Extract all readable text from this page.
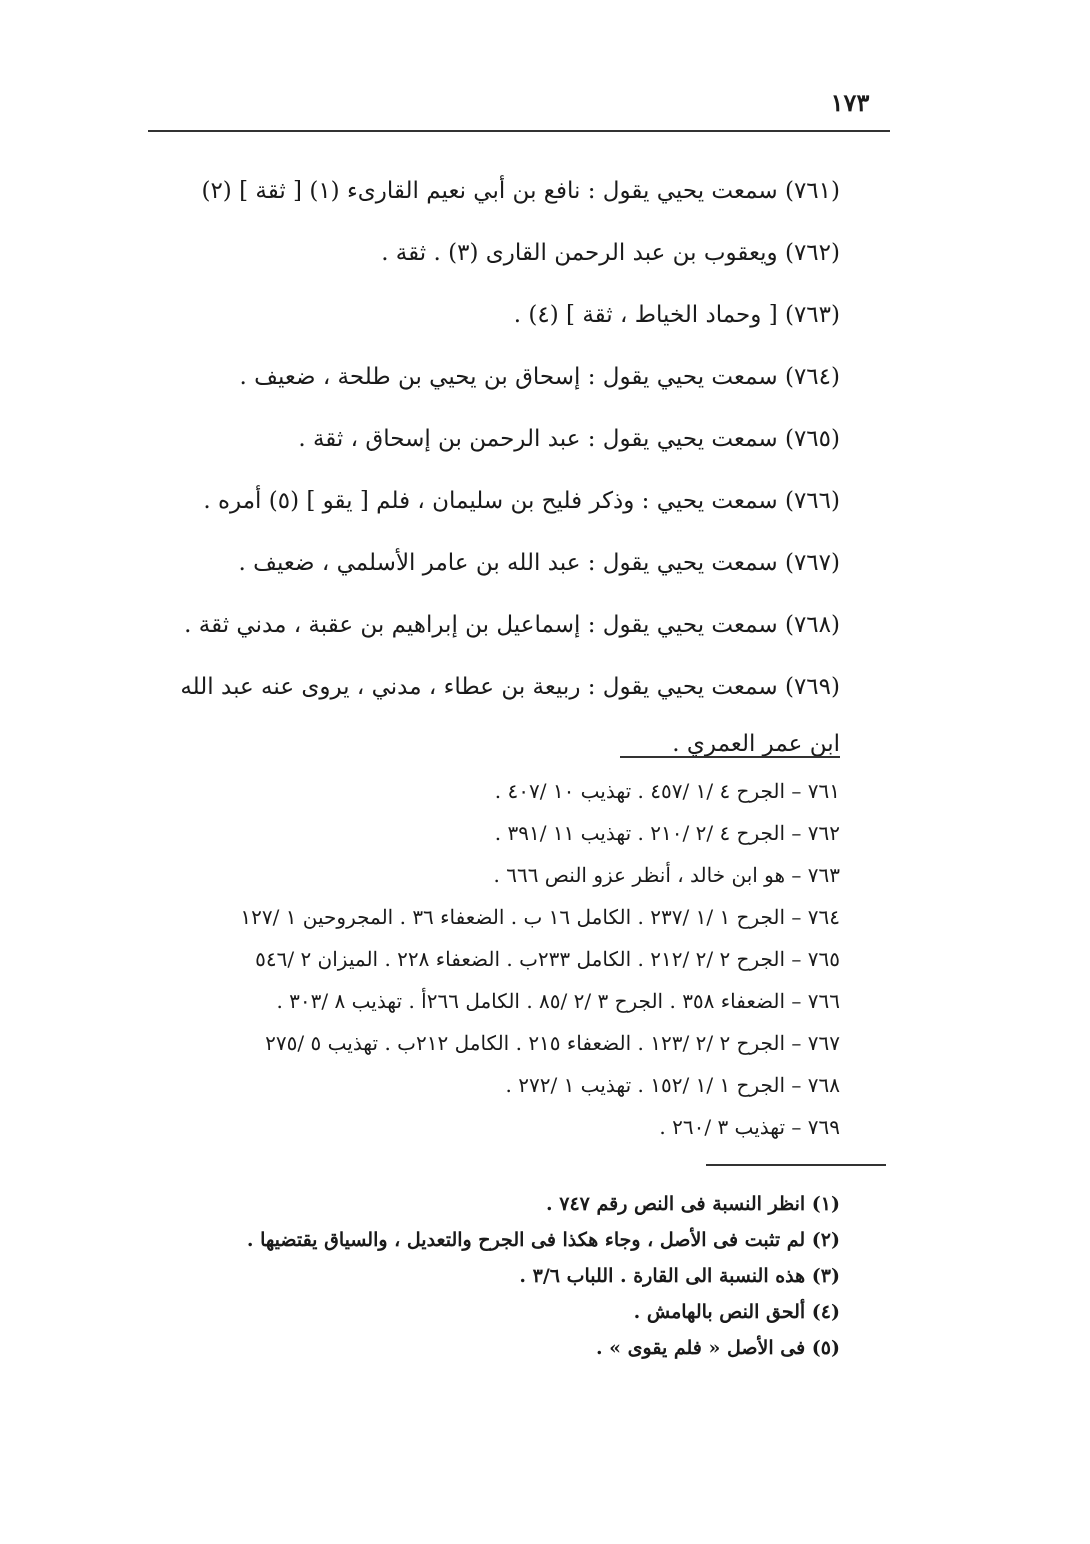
١٧٣
(٧٦١) سمعت يحيي يقول : نافع بن أبي نعيم القارىء (١) [ ثقة ] (٢)
(٧٦٢) ويعقوب بن عبد الرحمن القارى (٣) . ثقة .
(٧٦٣) [ وحماد الخياط ، ثقة ] (٤) .
(٧٦٤) سمعت يحيي يقول : إسحاق بن يحيي بن طلحة ، ضعيف .
(٧٦٥) سمعت يحيي يقول : عبد الرحمن بن إسحاق ، ثقة .
(٧٦٦) سمعت يحيي : وذكر فليح بن سليمان ، فلم [ يقو ] (٥) أمره .
(٧٦٧) سمعت يحيي يقول : عبد الله بن عامر الأسلمي ، ضعيف .
(٧٦٨) سمعت يحيي يقول : إسماعيل بن إبراهيم بن عقبة ، مدني ثقة .
(٧٦٩) سمعت يحيي يقول : ربيعة بن عطاء ، مدني ، يروى عنه عبد الله
ابن عمر العمري .
٧٦١ – الجرح ٤ /١ /٤٥٧ . تهذيب ١٠ /٤٠٧ .
٧٦٢ – الجرح ٤ /٢ /٢١٠ . تهذيب ١١ /٣٩١ .
٧٦٣ – هو ابن خالد ، أنظر عزو النص ٦٦٦ .
٧٦٤ – الجرح ١ /١ /٢٣٧ . الكامل ١٦ ب . الضعفاء ٣٦ . المجروحين ١ /١٢٧
٧٦٥ – الجرح ٢ /٢ /٢١٢ . الكامل ٢٣٣ب . الضعفاء ٢٢٨ . الميزان ٢ /٥٤٦
٧٦٦ – الضعفاء ٣٥٨ . الجرح ٣ /٢ /٨٥ . الكامل ٢٦٦أ . تهذيب ٨ /٣٠٣ .
٧٦٧ – الجرح ٢ /٢ /١٢٣ . الضعفاء ٢١٥ . الكامل ٢١٢ب . تهذيب ٥ /٢٧٥
٧٦٨ – الجرح ١ /١ /١٥٢ . تهذيب ١ /٢٧٢ .
٧٦٩ – تهذيب ٣ /٢٦٠ .
(١) انظر النسبة فى النص رقم ٧٤٧ .
(٢) لم تثبت فى الأصل ، وجاء هكذا فى الجرح والتعديل ، والسياق يقتضيها .
(٣) هذه النسبة الى القارة . اللباب ٣/٦ .
(٤) ألحق النص بالهامش .
(٥) فى الأصل « فلم يقوى » .
